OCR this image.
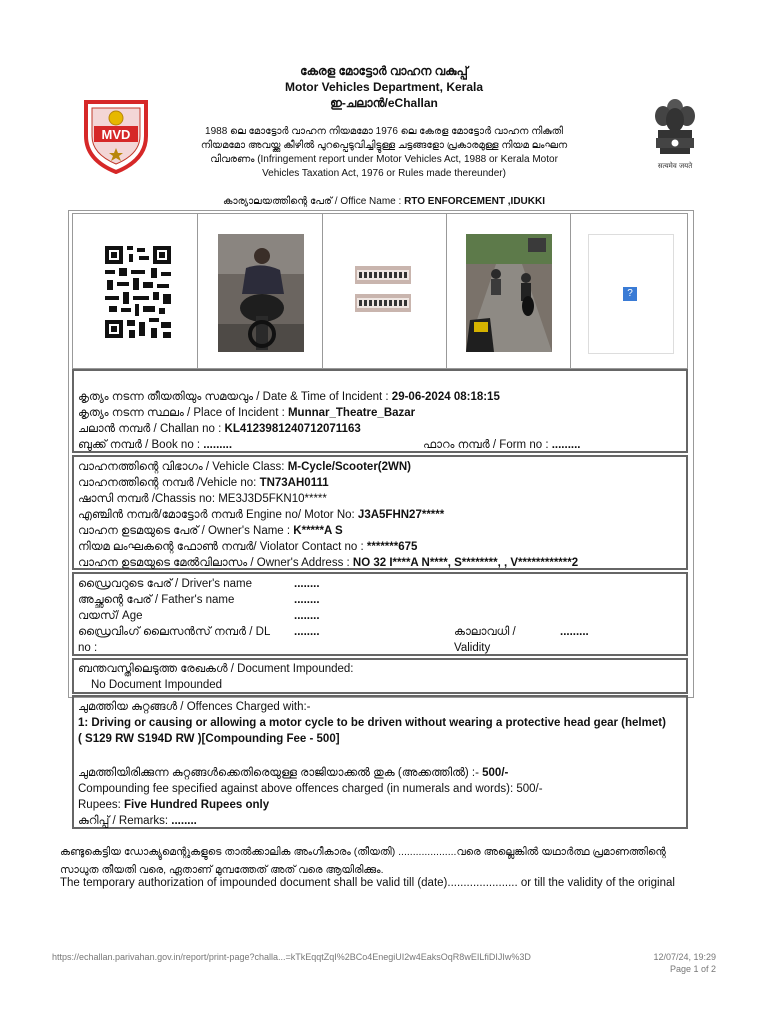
കേരള മോട്ടോർ വാഹന വകുപ്പ്
Motor Vehicles Department, Kerala
ഇ-ചലാൻ/eChallan
MVD
सत्यमेव जयते
1988 ലെ മോട്ടോർ വാഹന നിയമമോ 1976 ലെ കേരള മോട്ടോർ വാഹന നികുതി
നിയമമോ അവയ്ക്കു കീഴിൽ പുറപ്പെടുവിച്ചിട്ടുള്ള ചട്ടങ്ങളോ പ്രകാരമുള്ള നിയമ ലംഘന
വിവരണം (Infringement report under Motor Vehicles Act, 1988 or Kerala Motor
Vehicles Taxation Act, 1976 or Rules made thereunder)
കാര്യാലയത്തിന്റെ പേര് / Office Name : RTO ENFORCEMENT ,IDUKKI
?
കൃത്യം നടന്ന തീയതിയും സമയവും / Date & Time of Incident : 29-06-2024 08:18:15
കൃത്യം നടന്ന സ്ഥലം / Place of Incident : Munnar_Theatre_Bazar
ചലാൻ നമ്പർ / Challan no : KL4123981240712071163
ബുക്ക് നമ്പർ / Book no : .........	ഫാറം നമ്പർ / Form no : .........
വാഹനത്തിന്റെ വിഭാഗം / Vehicle Class: M-Cycle/Scooter(2WN)
വാഹനത്തിന്റെ നമ്പർ /Vehicle no: TN73AH0111
ഷാസി നമ്പർ /Chassis no: ME3J3D5FKN10*****
എഞ്ചിൻ നമ്പർ/മോട്ടോർ നമ്പർ Engine no/ Motor No: J3A5FHN27*****
വാഹന ഉടമയുടെ പേര് / Owner's Name : K*****A S
നിയമ ലംഘകന്റെ ഫോൺ നമ്പർ/ Violator Contact no : *******675
വാഹന ഉടമയുടെ മേൽവിലാസം / Owner's Address : NO 32 I****A N****, S********, , V************2
ഡ്രൈവറുടെ പേര് / Driver's name	........
അച്ഛന്റെ പേര് / Father's name	........
വയസ്/ Age	........
ഡ്രൈവിംഗ് ലൈസൻസ് നമ്പർ / DL ........	കാലാവധി /	.........
no :	Validity
ബന്തവസ്തിലെടുത്ത രേഖകൾ / Document Impounded:
No Document Impounded
ചുമത്തിയ കുറ്റങ്ങൾ / Offences Charged with:-
1: Driving or causing or allowing a motor cycle to be driven without wearing a protective head gear (helmet)
( S129 RW S194D RW )[Compounding Fee - 500]
ചുമത്തിയിരിക്കുന്ന കുറ്റങ്ങൾക്കെതിരെയുള്ള രാജിയാക്കൽ തുക (അക്കത്തിൽ) :- 500/-
Compounding fee specified against above offences charged (in numerals and words): 500/-
Rupees: Five Hundred Rupees only
കുറിപ്പ് / Remarks: ........
കണ്ടുകെട്ടിയ ഡോക്യുമെന്റുകളുടെ താൽക്കാലിക അംഗീകാരം (തീയതി) ....................വരെ അല്ലെങ്കിൽ യഥാർത്ഥ പ്രമാണത്തിന്റെ
സാധുത തീയതി വരെ, ഏതാണ് മുമ്പത്തേത് അത് വരെ ആയിരിക്കും.
The temporary authorization of impounded document shall be valid till (date)...................... or till the validity of the original
https://echallan.parivahan.gov.in/report/print-page?challa...=kTkEqqtZqI%2BCo4EnegiUI2w4EaksOqR8wEILfiDIJIw%3D	12/07/24, 19:29
Page 1 of 2
